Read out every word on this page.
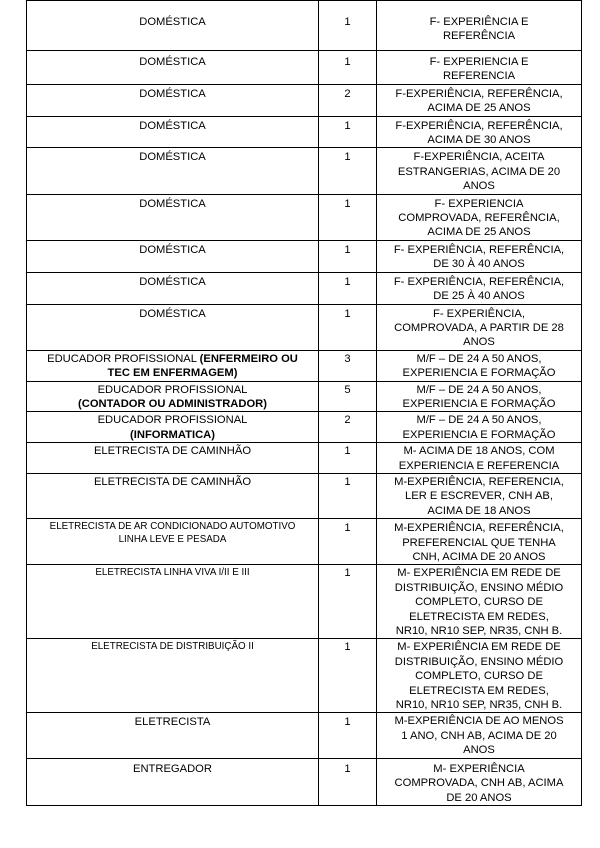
DOMÉSTICA	1	F- EXPERIÊNCIA E
REFERÊNCIA
DOMÉSTICA	1	F- EXPERIENCIA E
REFERENCIA
DOMÉSTICA	2	F-EXPERIÊNCIA, REFERÊNCIA,
ACIMA DE 25 ANOS
DOMÉSTICA	1	F-EXPERIÊNCIA, REFERÊNCIA,
ACIMA DE 30 ANOS
DOMÉSTICA	1	F-EXPERIÊNCIA, ACEITA
ESTRANGERIAS, ACIMA DE 20
ANOS
DOMÉSTICA	1	F- EXPERIENCIA
COMPROVADA, REFERÊNCIA,
ACIMA DE 25 ANOS
DOMÉSTICA	1	F- EXPERIÊNCIA, REFERÊNCIA,
DE 30 À 40 ANOS
DOMÉSTICA	1	F- EXPERIÊNCIA, REFERÊNCIA,
DE 25 À 40 ANOS
DOMÉSTICA	1	F- EXPERIÊNCIA,
COMPROVADA, A PARTIR DE 28
ANOS
EDUCADOR PROFISSIONAL (ENFERMEIRO OU
TEC EM ENFERMAGEM)	3	M/F – DE 24 A 50 ANOS,
EXPERIENCIA E FORMAÇÃO
EDUCADOR PROFISSIONAL
(CONTADOR OU ADMINISTRADOR)	5	M/F – DE 24 A 50 ANOS,
EXPERIENCIA E FORMAÇÃO
EDUCADOR PROFISSIONAL
(INFORMATICA)	2	M/F – DE 24 A 50 ANOS,
EXPERIENCIA E FORMAÇÃO
ELETRECISTA DE CAMINHÃO	1	M- ACIMA DE 18 ANOS, COM
EXPERIENCIA E REFERENCIA
ELETRECISTA DE CAMINHÃO	1	M-EXPERIÊNCIA, REFERENCIA,
LER E ESCREVER, CNH AB,
ACIMA DE 18 ANOS
ELETRECISTA DE AR CONDICIONADO AUTOMOTIVO
LINHA LEVE E PESADA	1	M-EXPERIÊNCIA, REFERÊNCIA,
PREFERENCIAL QUE TENHA
CNH, ACIMA DE 20 ANOS
ELETRECISTA LINHA VIVA I/II E III	1	M- EXPERIÊNCIA EM REDE DE
DISTRIBUIÇÃO, ENSINO MÉDIO
COMPLETO, CURSO DE
ELETRECISTA EM REDES,
NR10, NR10 SEP, NR35, CNH B.
ELETRECISTA DE DISTRIBUIÇÃO II	1	M- EXPERIÊNCIA EM REDE DE
DISTRIBUIÇÃO, ENSINO MÉDIO
COMPLETO, CURSO DE
ELETRECISTA EM REDES,
NR10, NR10 SEP, NR35, CNH B.
ELETRECISTA	1	M-EXPERIÊNCIA DE AO MENOS
1 ANO, CNH AB, ACIMA DE 20
ANOS
ENTREGADOR	1	M- EXPERIÊNCIA
COMPROVADA, CNH AB, ACIMA
DE 20 ANOS
